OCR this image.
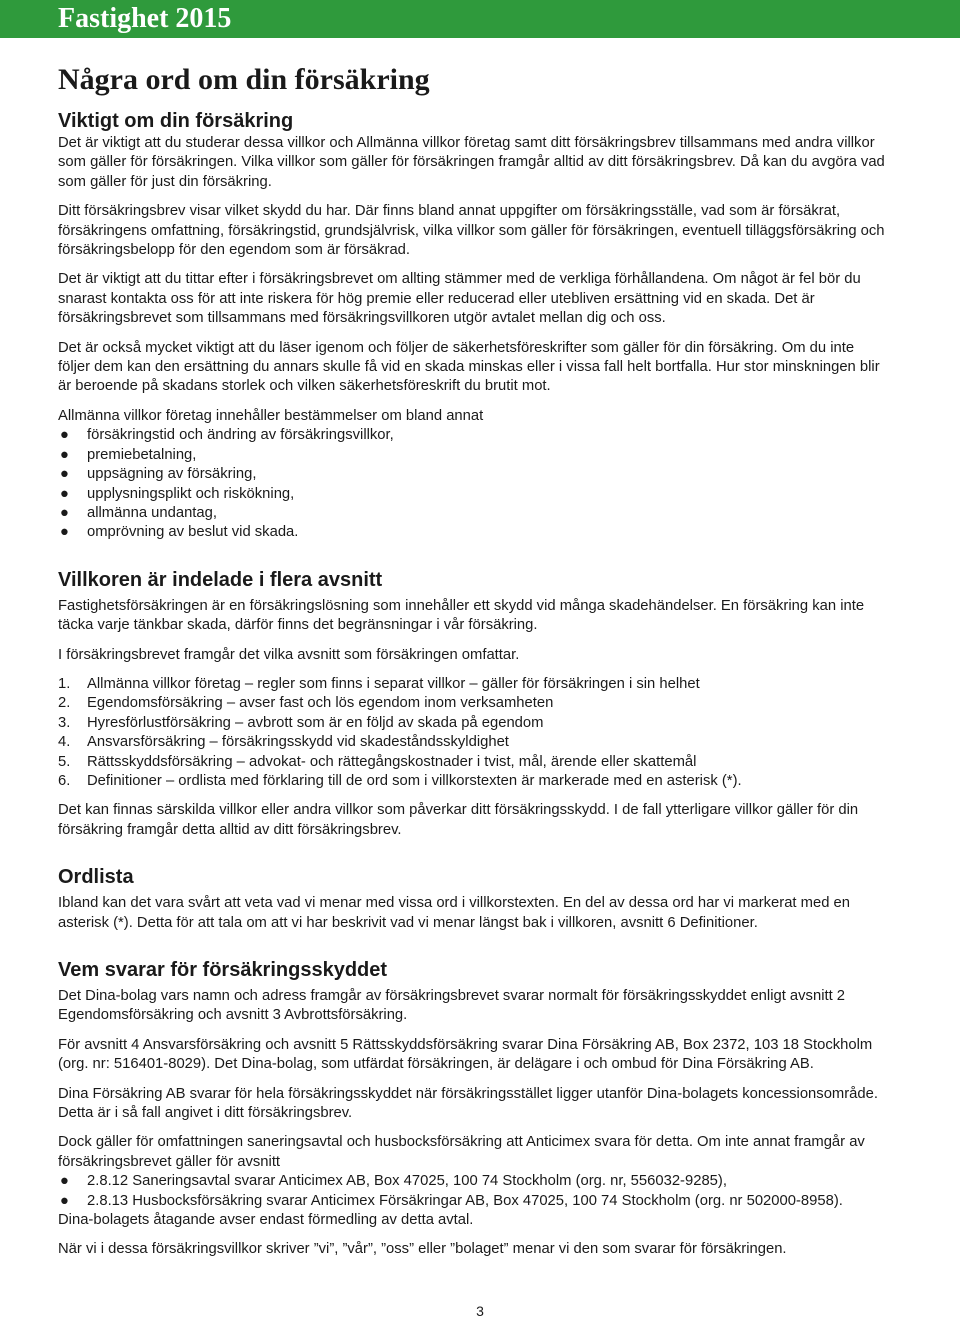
Fastighet 2015
Några ord om din försäkring
Viktigt om din försäkring

Det är viktigt att du studerar dessa villkor och Allmänna villkor företag samt ditt försäkringsbrev tillsammans med andra villkor som gäller för försäkringen. Vilka villkor som gäller för försäkringen framgår alltid av ditt försäkringsbrev. Då kan du avgöra vad som gäller för just din försäkring.

Ditt försäkringsbrev visar vilket skydd du har. Där finns bland annat uppgifter om försäkringsställe, vad som är försäkrat, försäkringens omfattning, försäkringstid, grundsjälvrisk, vilka villkor som gäller för försäkringen, eventuell tilläggsförsäkring och försäkringsbelopp för den egendom som är försäkrad.

Det är viktigt att du tittar efter i försäkringsbrevet om allting stämmer med de verkliga förhållandena. Om något är fel bör du snarast kontakta oss för att inte riskera för hög premie eller reducerad eller utebliven ersättning vid en skada. Det är försäkringsbrevet som tillsammans med försäkringsvillkoren utgör avtalet mellan dig och oss.

Det är också mycket viktigt att du läser igenom och följer de säkerhetsföreskrifter som gäller för din försäkring. Om du inte följer dem kan den ersättning du annars skulle få vid en skada minskas eller i vissa fall helt bortfalla. Hur stor minskningen blir är beroende på skadans storlek och vilken säkerhetsföreskrift du brutit mot.

Allmänna villkor företag innehåller bestämmelser om bland annat

● försäkringstid och ändring av försäkringsvillkor,
● premiebetalning,
● uppsägning av försäkring,
● upplysningsplikt och riskökning,
● allmänna undantag,
● omprövning av beslut vid skada.
Villkoren är indelade i flera avsnitt

Fastighetsförsäkringen är en försäkringslösning som innehåller ett skydd vid många skadehändelser. En försäkring kan inte täcka varje tänkbar skada, därför finns det begränsningar i vår försäkring.

I försäkringsbrevet framgår det vilka avsnitt som försäkringen omfattar.

1. Allmänna villkor företag – regler som finns i separat villkor – gäller för försäkringen i sin helhet
2. Egendomsförsäkring – avser fast och lös egendom inom verksamheten
3. Hyresförlustförsäkring – avbrott som är en följd av skada på egendom
4. Ansvarsförsäkring – försäkringsskydd vid skadeståndsskyldighet
5. Rättsskyddsförsäkring – advokat- och rättegångskostnader i tvist, mål, ärende eller skattemål
6. Definitioner – ordlista med förklaring till de ord som i villkorstexten är markerade med en asterisk (*).

Det kan finnas särskilda villkor eller andra villkor som påverkar ditt försäkringsskydd. I de fall ytterligare villkor gäller för din försäkring framgår detta alltid av ditt försäkringsbrev.

Ordlista

Ibland kan det vara svårt att veta vad vi menar med vissa ord i villkorstexten. En del av dessa ord har vi markerat med en asterisk (*). Detta för att tala om att vi har beskrivit vad vi menar längst bak i villkoren, avsnitt 6 Definitioner.

Vem svarar för försäkringsskyddet

Det Dina-bolag vars namn och adress framgår av försäkringsbrevet svarar normalt för försäkringsskyddet enligt avsnitt 2 Egendomsförsäkring och avsnitt 3 Avbrottsförsäkring.

För avsnitt 4 Ansvarsförsäkring och avsnitt 5 Rättsskyddsförsäkring svarar Dina Försäkring AB, Box 2372, 103 18 Stockholm (org. nr: 516401-8029). Det Dina-bolag, som utfärdat försäkringen, är delägare i och ombud för Dina Försäkring AB.

Dina Försäkring AB svarar för hela försäkringsskyddet när försäkringsstället ligger utanför Dina-bolagets koncessionsområde. Detta är i så fall angivet i ditt försäkringsbrev.

Dock gäller för omfattningen saneringsavtal och husbocksförsäkring att Anticimex svara för detta. Om inte annat framgår av försäkringsbrevet gäller för avsnitt

● 2.8.12 Saneringsavtal svarar Anticimex AB, Box 47025, 100 74 Stockholm (org. nr, 556032-9285),
● 2.8.13 Husbocksförsäkring svarar Anticimex Försäkringar AB, Box 47025, 100 74 Stockholm (org. nr 502000-8958).

Dina-bolagets åtagande avser endast förmedling av detta avtal.

När vi i dessa försäkringsvillkor skriver ”vi”, ”vår”, ”oss” eller ”bolaget” menar vi den som svarar för försäkringen.

3
